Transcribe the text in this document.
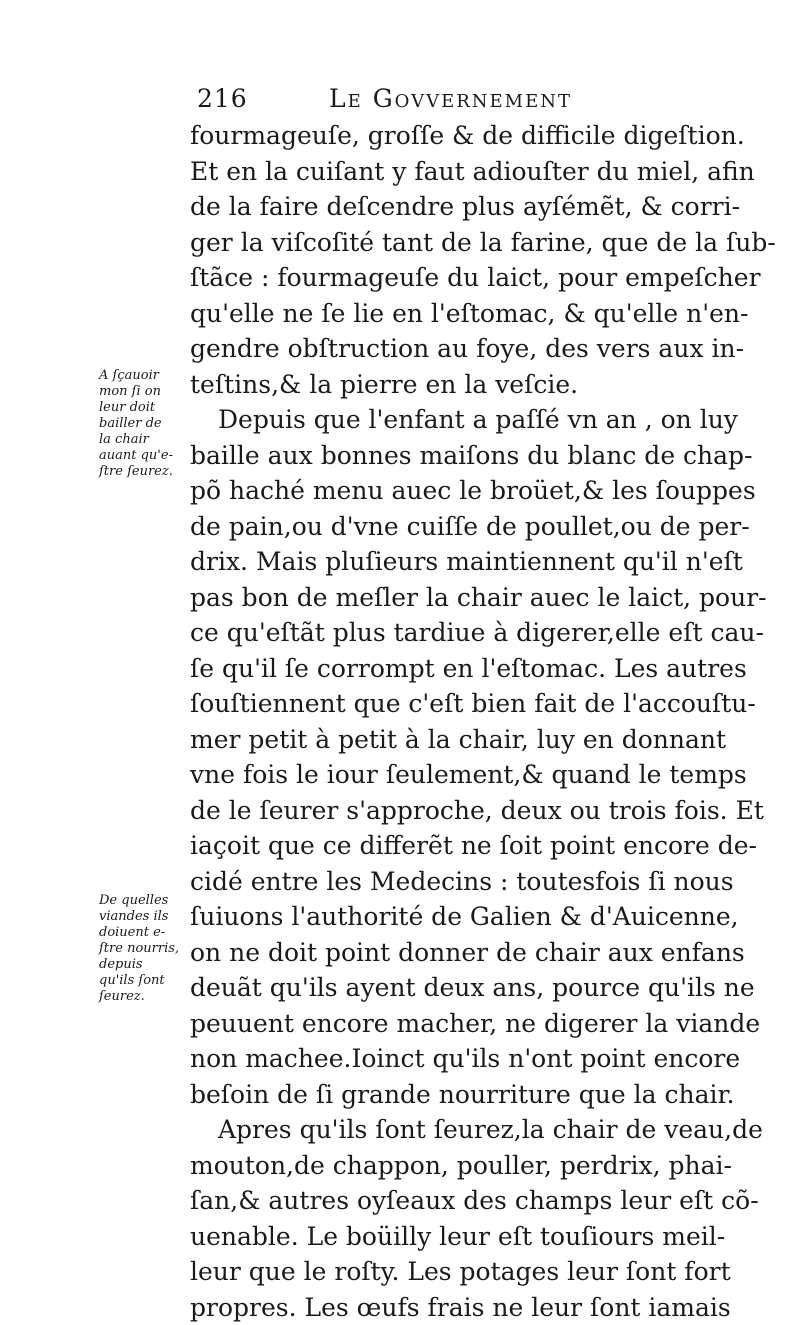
216	Le Govvernement
A ſçauoir
mon ſi on
leur doit
bailler de
la chair
auant qu'e-
ſtre ſeurez.
De quelles
viandes ils
doiuent e-
ſtre nourris,
depuis
qu'ils ſont
ſeurez.
fourmageuſe, groſſe & de difficile digeſtion.
Et en la cuiſant y faut adiouſter du miel, afin
de la faire deſcendre plus ayſémẽt, & corri-
ger la viſcoſité tant de la farine, que de la ſub-
ſtãce : fourmageuſe du laict, pour empeſcher
qu'elle ne ſe lie en l'eſtomac, & qu'elle n'en-
gendre obſtruction au foye, des vers aux in-
teſtins,& la pierre en la veſcie.
Depuis que l'enfant a paſſé vn an , on luy
baille aux bonnes maiſons du blanc de chap-
põ haché menu auec le broüet,& les ſouppes
de pain,ou d'vne cuiſſe de poullet,ou de per-
drix. Mais pluſieurs maintiennent qu'il n'eſt
pas bon de meſler la chair auec le laict, pour-
ce qu'eſtãt plus tardiue à digerer,elle eſt cau-
ſe qu'il ſe corrompt en l'eſtomac. Les autres
ſouſtiennent que c'eſt bien fait de l'accouſtu-
mer petit à petit à la chair, luy en donnant
vne fois le iour ſeulement,& quand le temps
de le ſeurer s'approche, deux ou trois fois. Et
iaçoit que ce differẽt ne ſoit point encore de-
cidé entre les Medecins : toutesfois ſi nous
ſuiuons l'authorité de Galien & d'Auicenne,
on ne doit point donner de chair aux enfans
deuãt qu'ils ayent deux ans, pource qu'ils ne
peuuent encore macher, ne digerer la viande
non machee.Ioinct qu'ils n'ont point encore
beſoin de ſi grande nourriture que la chair.
Apres qu'ils ſont ſeurez,la chair de veau,de
mouton,de chappon, pouller, perdrix, phai-
ſan,& autres oyſeaux des champs leur eſt cõ-
uenable. Le boüilly leur eſt touſiours meil-
leur que le roſty. Les potages leur ſont fort
propres. Les œufs frais ne leur ſont iamais
